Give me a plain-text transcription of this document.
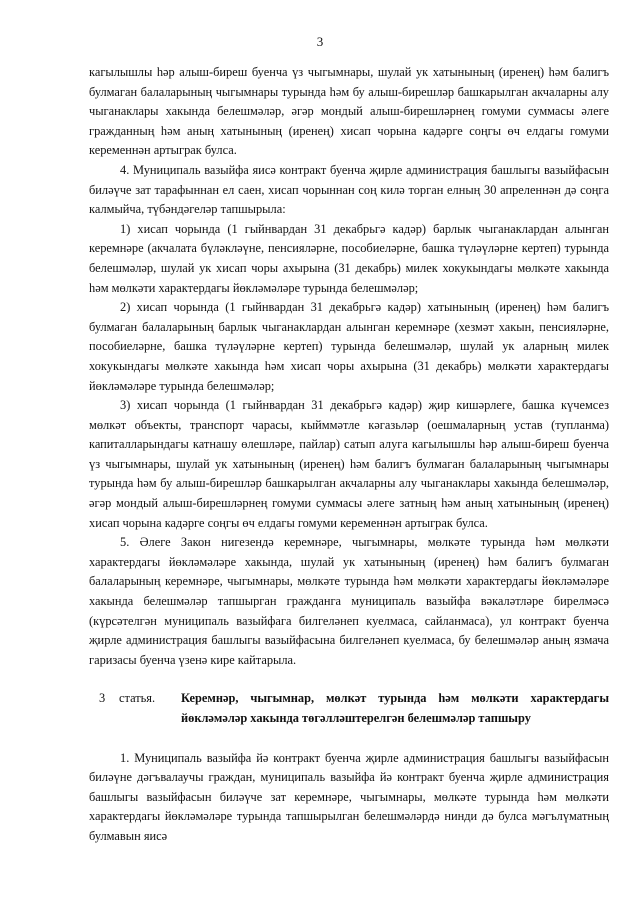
3

кагылышлы һәр алыш-биреш буенча үз чыгымнары, шулай ук хатынының (иренең) һәм балигъ булмаган балаларының чыгымнары турында һәм бу алыш-бирешләр башкарылган акчаларны алу чыганаклары хакында белешмәләр, әгәр мондый алыш-бирешләрнең гомуми суммасы әлеге гражданның һәм аның хатынының (иренең) хисап чорына кадәрге соңгы өч елдагы гомуми кеременнән артыграк булса.

4. Муниципаль вазыйфа яисә контракт буенча җирле администрация башлыгы вазыйфасын биләүче зат тарафыннан ел саен, хисап чорыннан соң килә торган елның 30 апреленнән дә соңга калмыйча, түбәндәгеләр тапшырыла:

1) хисап чорында (1 гыйнвардан 31 декабрьгә кадәр) барлык чыганаклардан алынган керемнәре (акчалата бүләкләүне, пенсияләрне, пособиеләрне, башка түләүләрне кертеп) турында белешмәләр, шулай ук хисап чоры ахырына (31 декабрь) милек хокукындагы мөлкәте хакында һәм мөлкәти характердагы йөкләмәләре турында белешмәләр;

2) хисап чорында (1 гыйнвардан 31 декабрьгә кадәр) хатынының (иренең) һәм балигъ булмаган балаларының барлык чыганаклардан алынган керемнәре (хезмәт хакын, пенсияләрне, пособиеләрне, башка түләүләрне кертеп) турында белешмәләр, шулай ук аларның милек хокукындагы мөлкәте хакында һәм хисап чоры ахырына (31 декабрь) мөлкәти характердагы йөкләмәләре турында белешмәләр;

3) хисап чорында (1 гыйнвардан 31 декабрьгә кадәр) җир кишәрлеге, башка күчемсез мөлкәт объекты, транспорт чарасы, кыйммәтле кәгазьләр (оешмаларның устав (тупланма) капиталларындагы катнашу өлешләре, пайлар) сатып алуга кагылышлы һәр алыш-биреш буенча үз чыгымнары, шулай ук хатынының (иренең) һәм балигъ булмаган балаларының чыгымнары турында һәм бу алыш-бирешләр башкарылган акчаларны алу чыганаклары хакында белешмәләр, әгәр мондый алыш-бирешләрнең гомуми суммасы әлеге затның һәм аның хатынының (иренең) хисап чорына кадәрге соңгы өч елдагы гомуми кеременнән артыграк булса.

5. Әлеге Закон нигезендә керемнәре, чыгымнары, мөлкәте турында һәм мөлкәти характердагы йөкләмәләре хакында, шулай ук хатынының (иренең) һәм балигъ булмаган балаларының керемнәре, чыгымнары, мөлкәте турында һәм мөлкәти характердагы йөкләмәләре хакында белешмәләр тапшырган гражданга муниципаль вазыйфа вәкаләтләре бирелмәсә (күрсәтелгән муниципаль вазыйфага билгеләнеп куелмаса, сайланмаса), ул контракт буенча җирле администрация башлыгы вазыйфасына билгеләнеп куелмаса, бу белешмәләр аның язмача гаризасы буенча үзенә кире кайтарыла.

3	статья.	Керемнәр, чыгымнар, мөлкәт турында һәм мөлкәти характердагы йөкләмәләр хакында төгәлләштерелгән белешмәләр тапшыру

1. Муниципаль вазыйфа йә контракт буенча җирле администрация башлыгы вазыйфасын билəүне дәгъвалаучы граждан, муниципаль вазыйфа йә контракт буенча җирле администрация башлыгы вазыйфасын билəүче зат керемнәре, чыгымнары, мөлкәте турында һәм мөлкәти характердагы йөкләмәләре турында тапшырылган белешмәләрдә нинди дә булса мәгълүматның булмавын яисә
